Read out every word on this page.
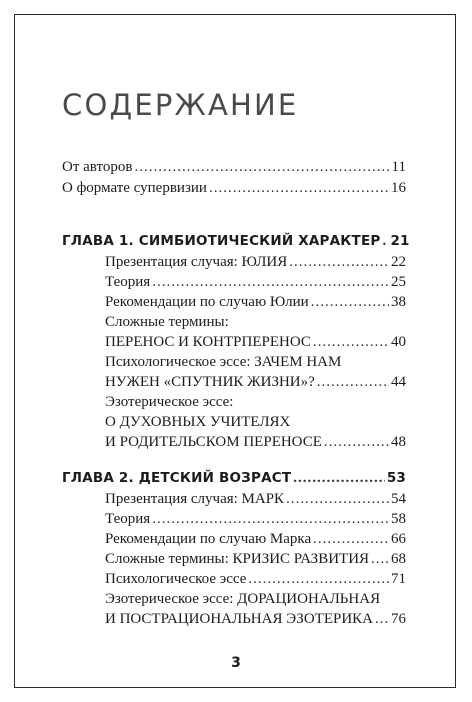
СОДЕРЖАНИЕ
От авторов .....	11
О формате супервизии .....	16
ГЛАВА 1. СИМБИОТИЧЕСКИЙ ХАРАКТЕР ..... 21
Презентация случая: ЮЛИЯ .....	22
Теория .....	25
Рекомендации по случаю Юлии .....	38
Сложные термины:
ПЕРЕНОС И КОНТРПЕРЕНОС .....	40
Психологическое эссе: ЗАЧЕМ НАМ
НУЖЕН «СПУТНИК ЖИЗНИ»? .....	44
Эзотерическое эссе:
О ДУХОВНЫХ УЧИТЕЛЯХ
И РОДИТЕЛЬСКОМ ПЕРЕНОСЕ .....	48
ГЛАВА 2. ДЕТСКИЙ ВОЗРАСТ .....	53
Презентация случая: МАРК .....	54
Теория .....	58
Рекомендации по случаю Марка .....	66
Сложные термины: КРИЗИС РАЗВИТИЯ ..... 68
Психологическое эссе .....	71
Эзотерическое эссе: ДОРАЦИОНАЛЬНАЯ
И ПОСТРАЦИОНАЛЬНАЯ ЭЗОТЕРИКА ..... 76
3
